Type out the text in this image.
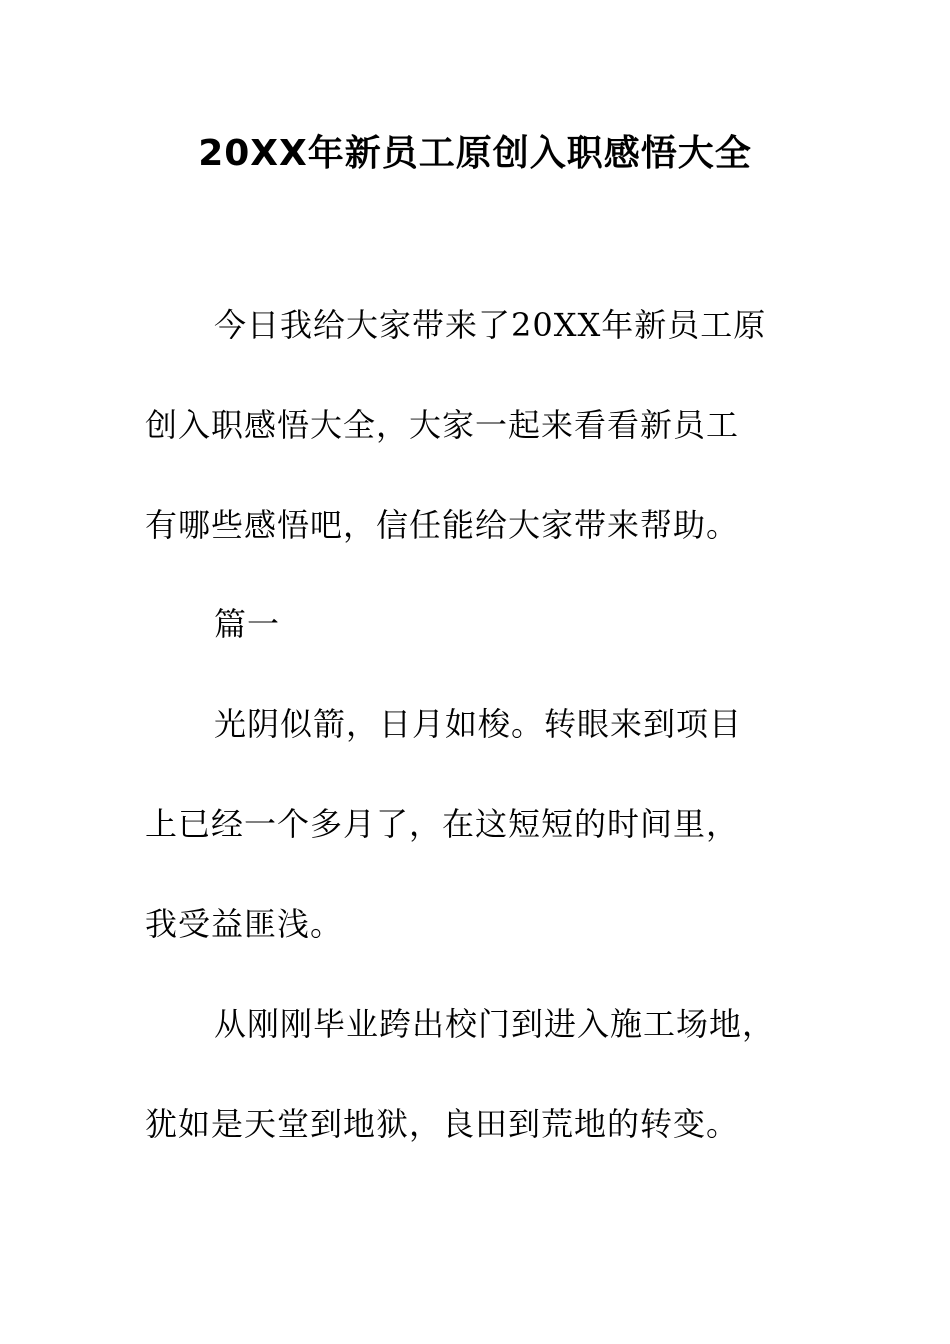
20XX年新员工原创入职感悟大全
今日我给大家带来了20XX年新员工原
创入职感悟大全，大家一起来看看新员工
有哪些感悟吧，信任能给大家带来帮助。
篇一
光阴似箭，日月如梭。转眼来到项目
上已经一个多月了，在这短短的时间里，
我受益匪浅。
从刚刚毕业跨出校门到进入施工场地，
犹如是天堂到地狱，良田到荒地的转变。
